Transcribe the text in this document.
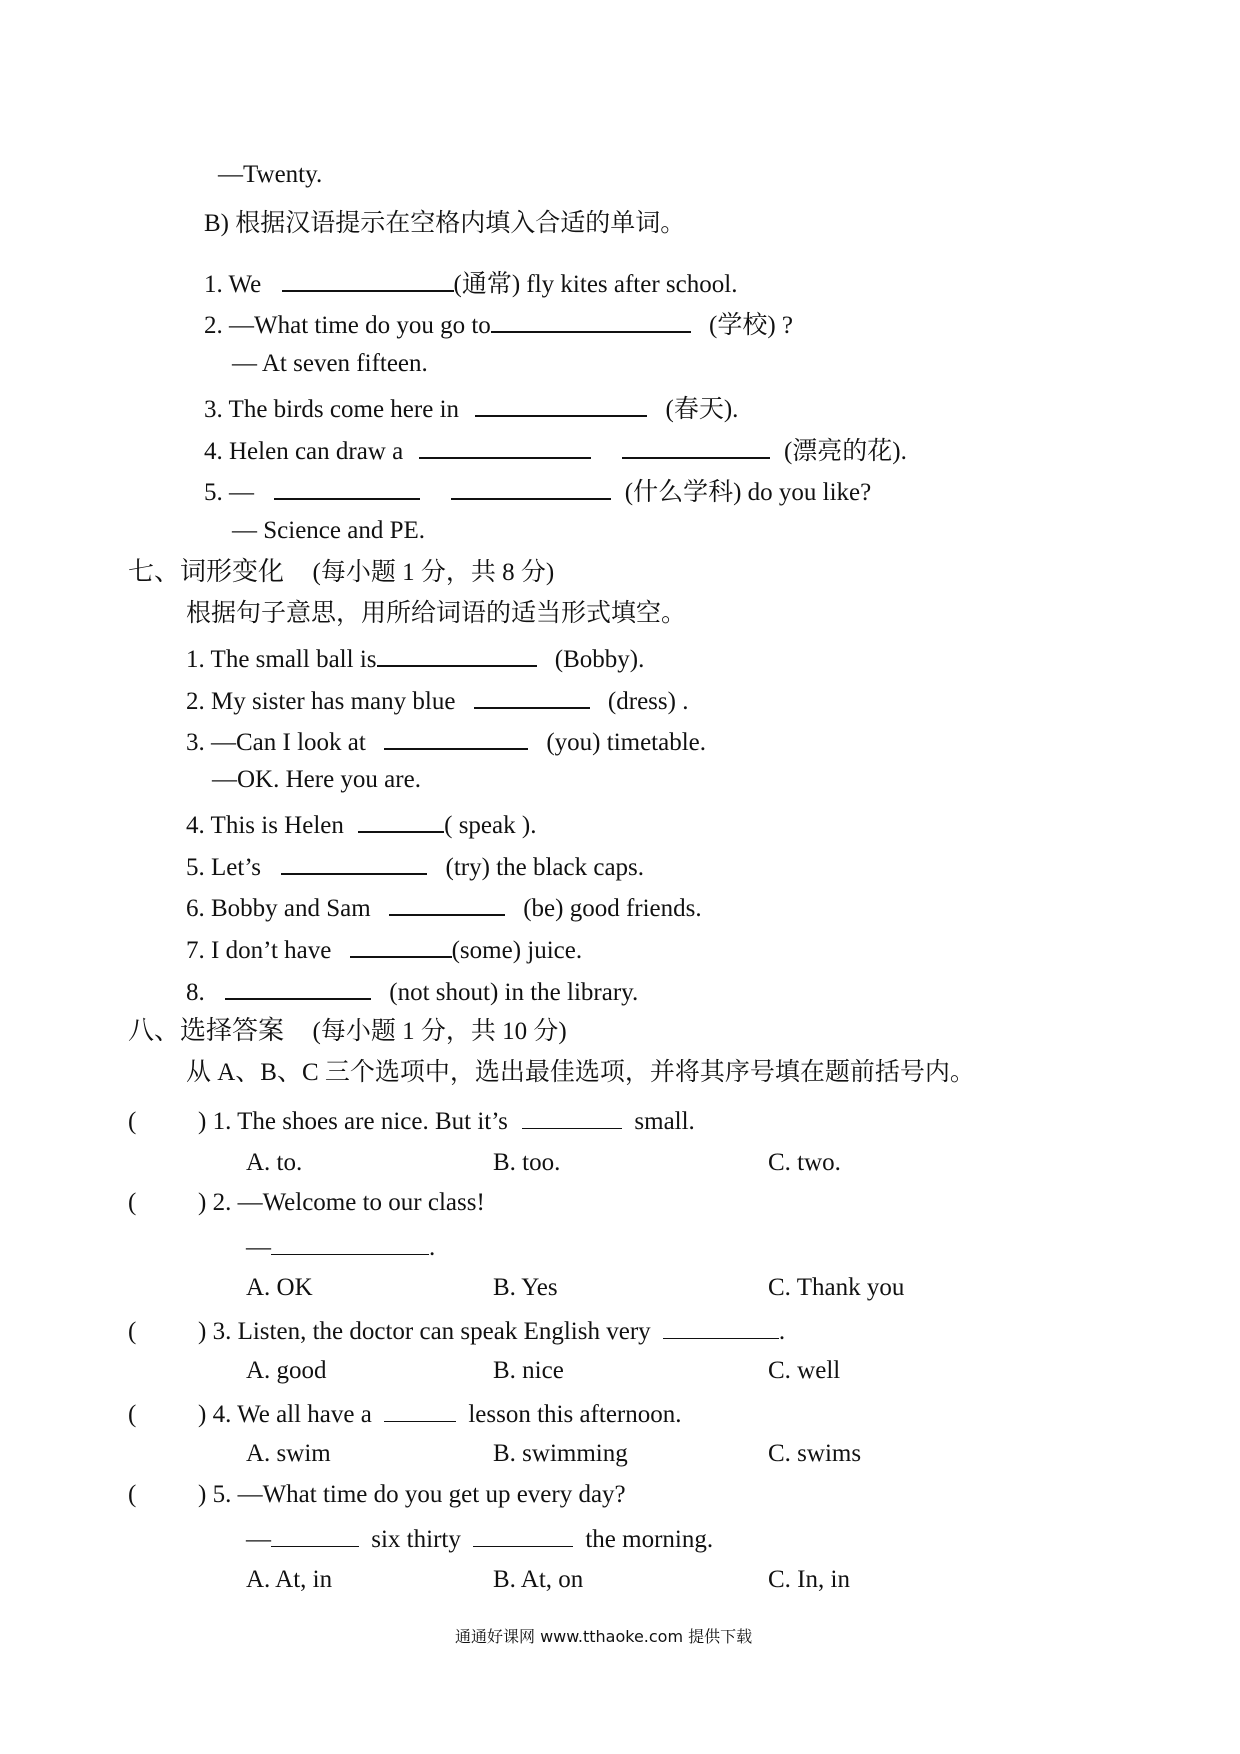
—Twenty.
B) 根据汉语提示在空格内填入合适的单词。
1. We	(通常) fly kites after school.
2. —What time do you go to	(学校) ?
— At seven fifteen.
3. The birds come here in	(春天).
4. Helen can draw a	(漂亮的花).
5. —	(什么学科) do you like?
— Science and PE.
七、词形变化 (每小题 1 分，共 8 分)
根据句子意思，用所给词语的适当形式填空。
1. The small ball is	(Bobby).
2. My sister has many blue	(dress) .
3. —Can I look at	(you) timetable.
—OK. Here you are.
4. This is Helen	( speak ).
5. Let’s	(try) the black caps.
6. Bobby and Sam	(be) good friends.
7. I don’t have	(some) juice.
8.	(not shout) in the library.
八、选择答案 (每小题 1 分，共 10 分)
从 A、B、C 三个选项中，选出最佳选项，并将其序号填在题前括号内。
( ) 1. The shoes are nice. But it’s	small.
A. to.	B. too.	C. two.
( ) 2. —Welcome to our class!
—	.
A. OK	B. Yes	C. Thank you
( ) 3. Listen, the doctor can speak English very	.
A. good	B. nice	C. well
( ) 4. We all have a	lesson this afternoon.
A. swim	B. swimming	C. swims
( ) 5. —What time do you get up every day?
—	six thirty	the morning.
A. At, in	B. At, on	C. In, in
通通好课网 www.tthaoke.com 提供下载
